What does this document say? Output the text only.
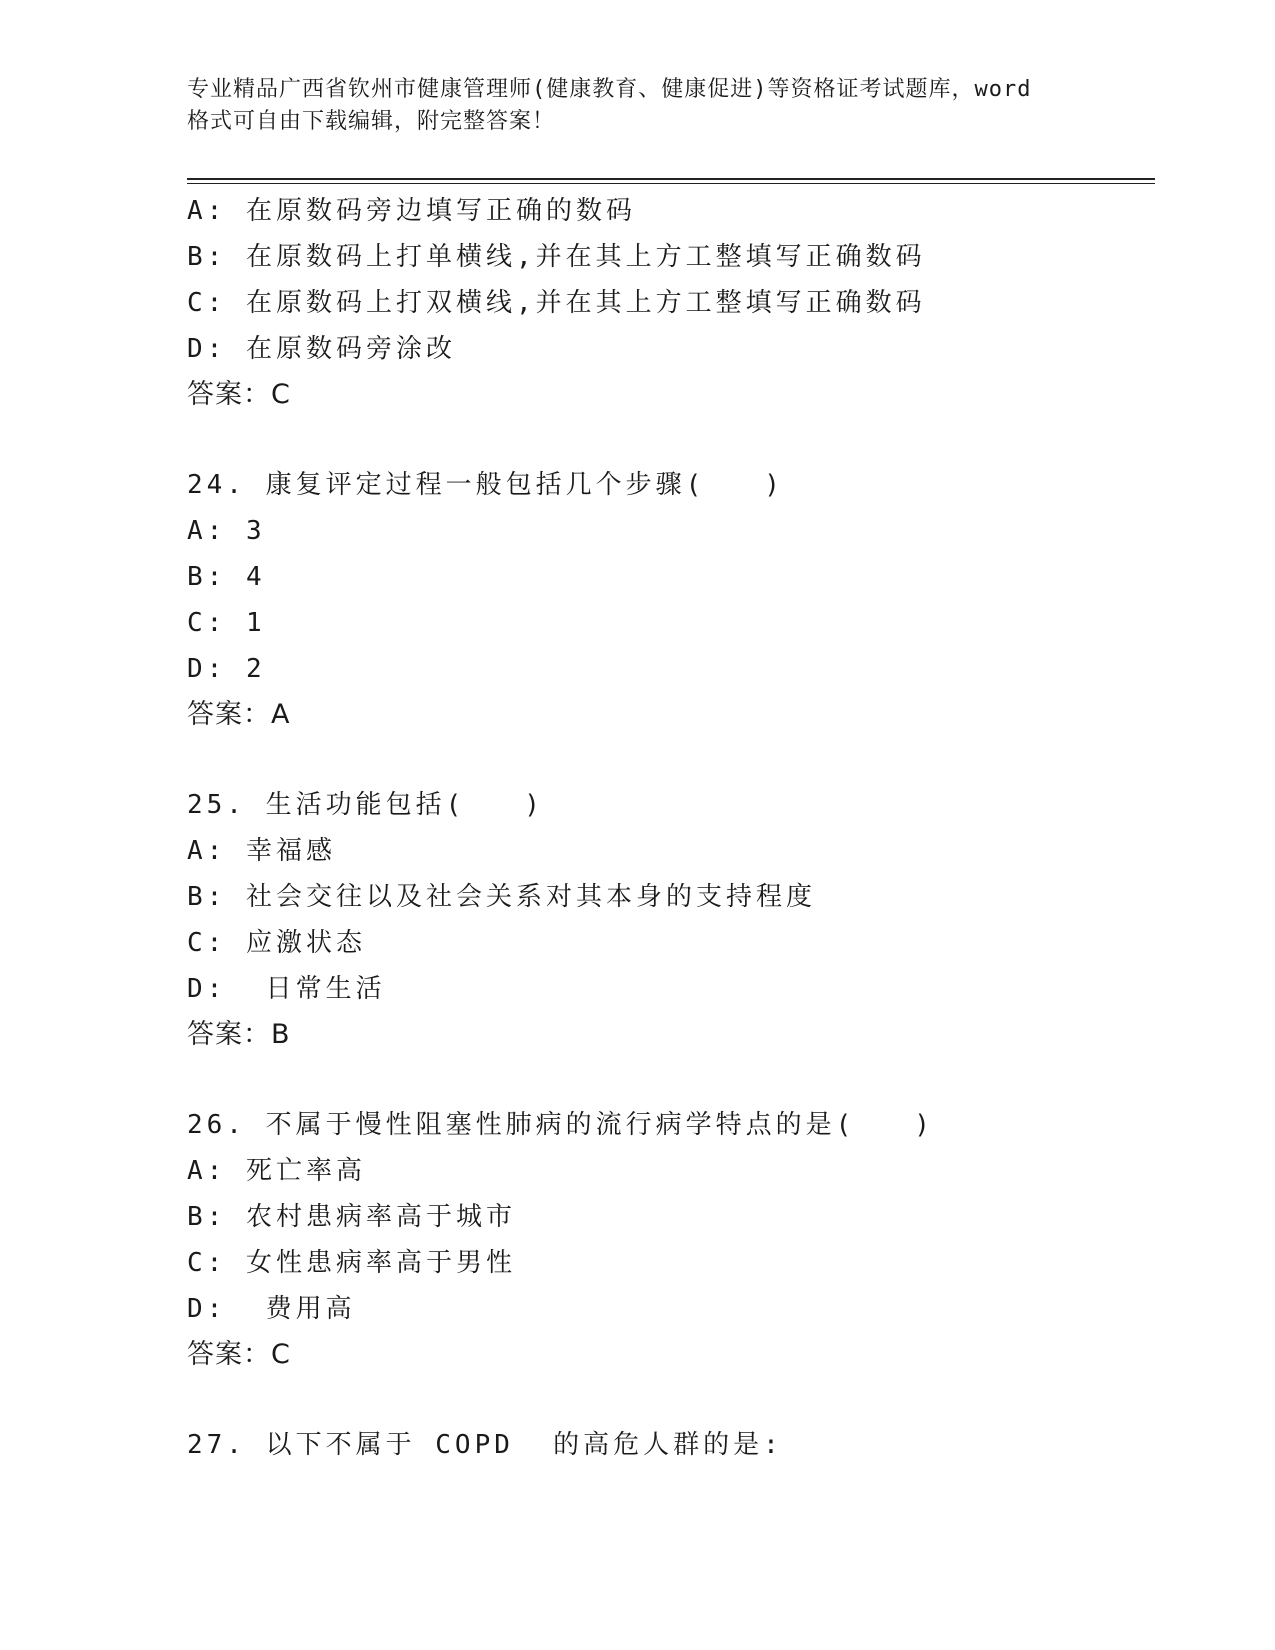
专业精品广西省钦州市健康管理师(健康教育、健康促进)等资格证考试题库，word
格式可自由下载编辑，附完整答案！
A: 在原数码旁边填写正确的数码
B: 在原数码上打单横线,并在其上方工整填写正确数码
C: 在原数码上打双横线,并在其上方工整填写正确数码
D: 在原数码旁涂改
答案：C
24. 康复评定过程一般包括几个步骤(   )
A: 3
B: 4
C: 1
D: 2
答案：A
25. 生活功能包括(   )
A: 幸福感
B: 社会交往以及社会关系对其本身的支持程度
C: 应激状态
D:  日常生活
答案：B
26. 不属于慢性阻塞性肺病的流行病学特点的是(   )
A: 死亡率高
B: 农村患病率高于城市
C: 女性患病率高于男性
D:  费用高
答案：C
27. 以下不属于 COPD  的高危人群的是:
